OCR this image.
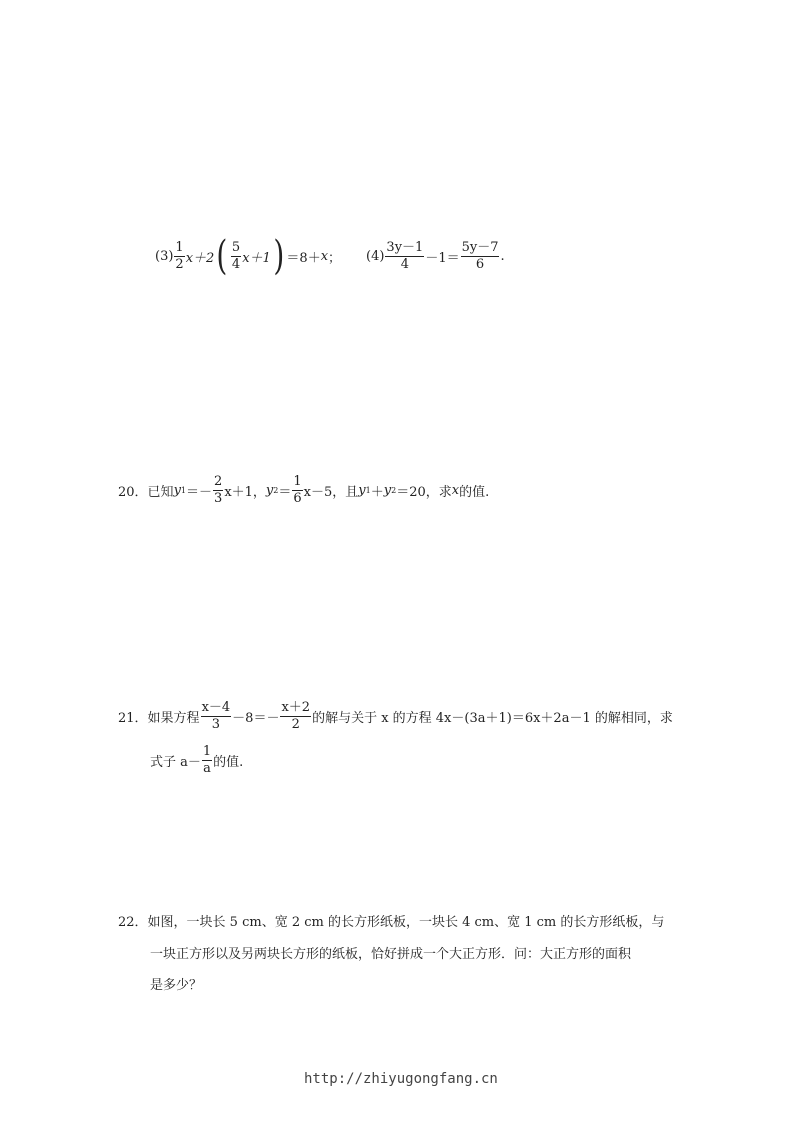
$(3) \frac{1}{2} x+2$ ( $\frac{5}{4} x+1$ ) ＝8＋ x ； $(4) \frac{3y-1}{4} -1= \frac{5y-7}{6}$ .
20． 已知 y $1 =- \frac{2}{3} x+1$， y $2 = \frac{1}{6} x-5$，且 y 1 ＋ y 2 ＝20，求 x 的值.
21． 如果方程 $\frac{x-4}{3} -8=- \frac{x+2}{2}$ 的解与关于 x 的方程 4x－(3a＋1)＝6x＋2a－1 的解相同，求
式子 $a- \frac{1}{a}$ 的值.
22．如图，一块长 5 cm、宽 2 cm 的长方形纸板，一块长 4 cm、宽 1 cm 的长方形纸板，与
一块正方形以及另两块长方形的纸板，恰好拼成一个大正方形．问：大正方形的面积
是多少？
http://zhiyugongfang.cn
